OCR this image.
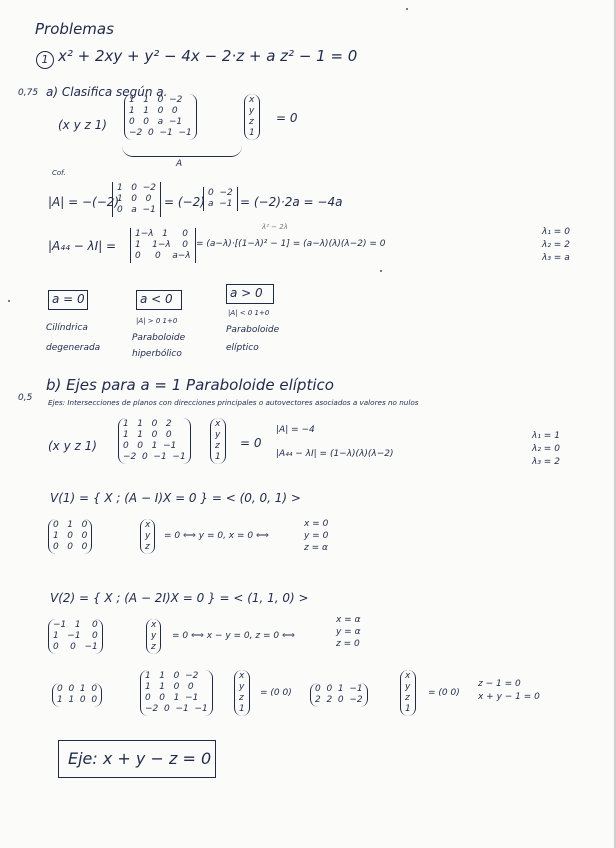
Problemas
1 x² + 2xy + y² − 4x − 2·z + a z² − 1 = 0
0,75 a) Clasifica según a.
(x y z 1)
1   1   0  −2
1   1   0   0
0   0   a  −1
−2  0  −1  −1
x
y
z
1
= 0
A
Cof.
|A| = −(−2)
1   0  −2
1   0   0
0   a  −1
= (−2)
0  −2
a  −1 = (−2)·2a = −4a
|A₄₄ − λI| =
1−λ   1     0
1    1−λ    0
0     0    a−λ
λ² − 2λ
= (a−λ)·[(1−λ)² − 1] = (a−λ)(λ)(λ−2) = 0
λ₁ = 0
λ₂ = 2
λ₃ = a
a = 0
Cilíndrica
degenerada
a < 0
|A| > 0 1+0
Paraboloide
hiperbólico
a > 0
|A| < 0 1+0
Paraboloide
elíptico
0,5
b) Ejes para a = 1 Paraboloide elíptico
Ejes: Intersecciones de planos con direcciones principales o autovectores asociados a valores no nulos
(x y z 1)
1   1   0   2
1   1   0   0
0   0   1  −1
−2  0  −1  −1
x
y
z
1
= 0
|A| = −4
|A₄₄ − λI| = (1−λ)(λ)(λ−2)
λ₁ = 1
λ₂ = 0
λ₃ = 2
V(1) = { X ; (A − I)X = 0 } = < (0, 0, 1) >
0   1   0
1   0   0
0   0   0
x
y
z
= 0 ⟺ y = 0, x = 0 ⟺
x = 0
y = 0
z = α
V(2) = { X ; (A − 2I)X = 0 } = < (1, 1, 0) >
−1   1    0
1   −1    0
0    0   −1
x
y
z
= 0 ⟺ x − y = 0, z = 0 ⟺
x = α
y = α
z = 0
0  0  1  0
1  1  0  0
1   1   0  −2
1   1   0   0
0   0   1  −1
−2  0  −1  −1
x
y
z
1
= (0 0)	0  0  1  −1
2  2  0  −2
x
y
z
1
= (0 0)
z − 1 = 0
x + y − 1 = 0
Eje: x + y − z = 0
